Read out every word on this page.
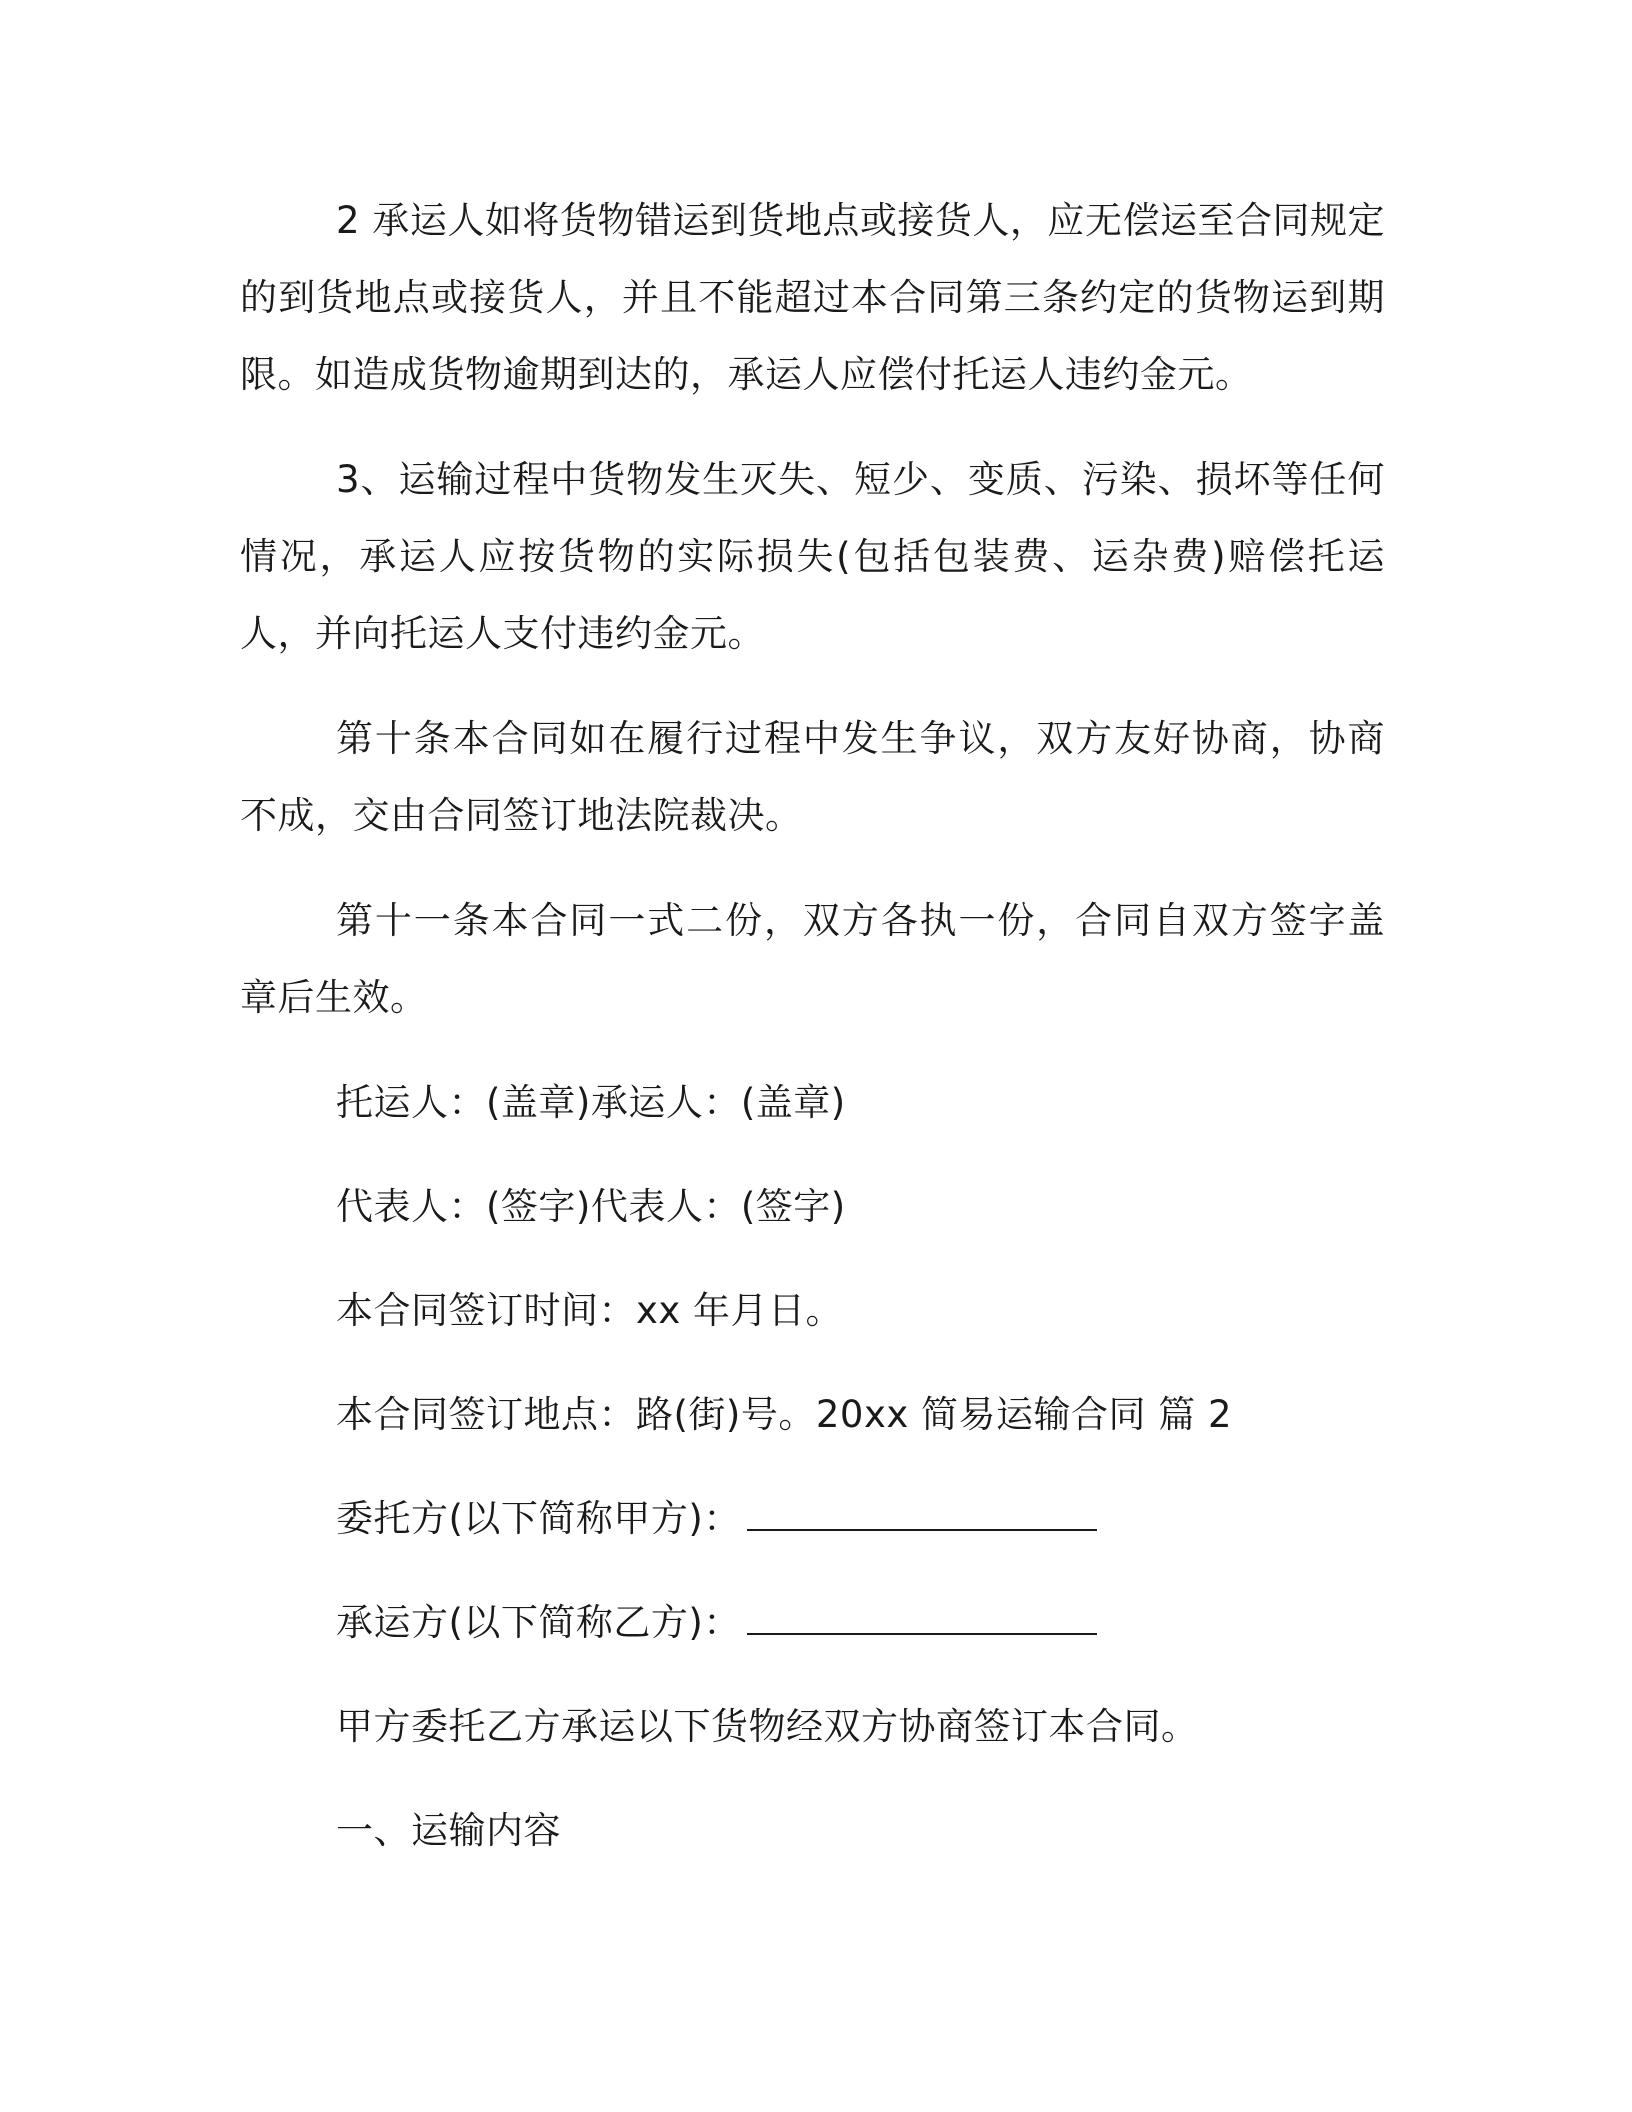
2 承运人如将货物错运到货地点或接货人，应无偿运至合同规定的到货地点或接货人，并且不能超过本合同第三条约定的货物运到期限。如造成货物逾期到达的，承运人应偿付托运人违约金元。

3、运输过程中货物发生灭失、短少、变质、污染、损坏等任何情况，承运人应按货物的实际损失(包括包装费、运杂费)赔偿托运人，并向托运人支付违约金元。

第十条本合同如在履行过程中发生争议，双方友好协商，协商不成，交由合同签订地法院裁决。

第十一条本合同一式二份，双方各执一份，合同自双方签字盖章后生效。

托运人：(盖章)承运人：(盖章)

代表人：(签字)代表人：(签字)

本合同签订时间：xx 年月日。

本合同签订地点：路(街)号。20xx 简易运输合同 篇 2

委托方(以下简称甲方)：

承运方(以下简称乙方)：

甲方委托乙方承运以下货物经双方协商签订本合同。

一、运输内容
